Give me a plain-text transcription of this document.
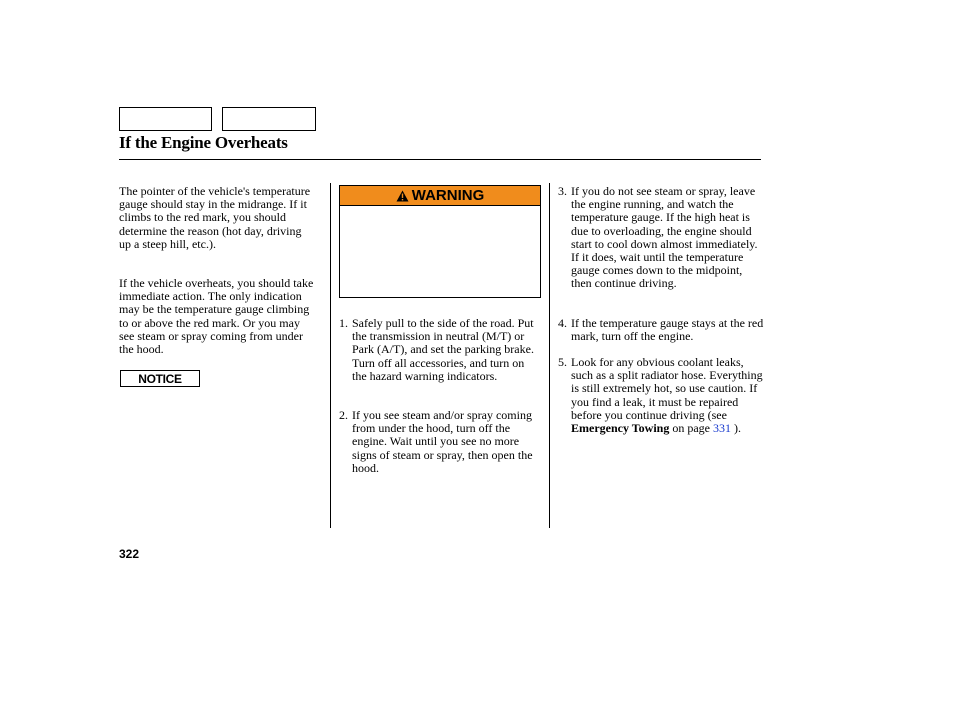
If the Engine Overheats
The pointer of the vehicle's temperature gauge should stay in the midrange. If it climbs to the red mark, you should determine the reason (hot day, driving up a steep hill, etc.).
If the vehicle overheats, you should take immediate action. The only indication may be the temperature gauge climbing to or above the red mark. Or you may see steam or spray coming from under the hood.
NOTICE
WARNING
1. Safely pull to the side of the road. Put the transmission in neutral (M/T) or Park (A/T), and set the parking brake. Turn off all accessories, and turn on the hazard warning indicators.
2. If you see steam and/or spray coming from under the hood, turn off the engine. Wait until you see no more signs of steam or spray, then open the hood.
3. If you do not see steam or spray, leave the engine running, and watch the temperature gauge. If the high heat is due to overloading, the engine should start to cool down almost immediately. If it does, wait until the temperature gauge comes down to the midpoint, then continue driving.
4. If the temperature gauge stays at the red mark, turn off the engine.
5. Look for any obvious coolant leaks, such as a split radiator hose. Everything is still extremely hot, so use caution. If you find a leak, it must be repaired before you continue driving (see Emergency Towing on page 331 ).
322
